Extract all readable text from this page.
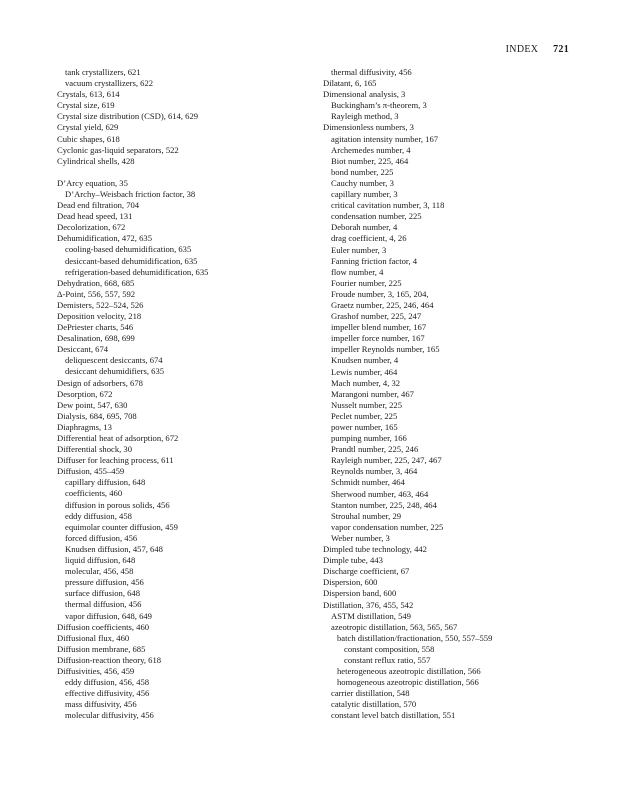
INDEX 721
tank crystallizers, 621
vacuum crystallizers, 622
Crystals, 613, 614
Crystal size, 619
Crystal size distribution (CSD), 614, 629
Crystal yield, 629
Cubic shapes, 618
Cyclonic gas-liquid separators, 522
Cylindrical shells, 428
D’Arcy equation, 35
D’Archy–Weisbach friction factor, 38
Dead end filtration, 704
Dead head speed, 131
Decolorization, 672
Dehumidification, 472, 635
cooling-based dehumidification, 635
desiccant-based dehumidification, 635
refrigeration-based dehumidification, 635
Dehydration, 668, 685
Δ-Point, 556, 557, 592
Demisters, 522–524, 526
Deposition velocity, 218
DePriester charts, 546
Desalination, 698, 699
Desiccant, 674
deliquescent desiccants, 674
desiccant dehumidifiers, 635
Design of adsorbers, 678
Desorption, 672
Dew point, 547, 630
Dialysis, 684, 695, 708
Diaphragms, 13
Differential heat of adsorption, 672
Differential shock, 30
Diffuser for leaching process, 611
Diffusion, 455–459
capillary diffusion, 648
coefficients, 460
diffusion in porous solids, 456
eddy diffusion, 458
equimolar counter diffusion, 459
forced diffusion, 456
Knudsen diffusion, 457, 648
liquid diffusion, 648
molecular, 456, 458
pressure diffusion, 456
surface diffusion, 648
thermal diffusion, 456
vapor diffusion, 648, 649
Diffusion coefficients, 460
Diffusional flux, 460
Diffusion membrane, 685
Diffusion-reaction theory, 618
Diffusivities, 456, 459
eddy diffusion, 456, 458
effective diffusivity, 456
mass diffusivity, 456
molecular diffusivity, 456
thermal diffusivity, 456
Dilatant, 6, 165
Dimensional analysis, 3
Buckingham’s π-theorem, 3
Rayleigh method, 3
Dimensionless numbers, 3
agitation intensity number, 167
Archemedes number, 4
Biot number, 225, 464
bond number, 225
Cauchy number, 3
capillary number, 3
critical cavitation number, 3, 118
condensation number, 225
Deborah number, 4
drag coefficient, 4, 26
Euler number, 3
Fanning friction factor, 4
flow number, 4
Fourier number, 225
Froude number, 3, 165, 204,
Graetz number, 225, 246, 464
Grashof number, 225, 247
impeller blend number, 167
impeller force number, 167
impeller Reynolds number, 165
Knudsen number, 4
Lewis number, 464
Mach number, 4, 32
Marangoni number, 467
Nusselt number, 225
Peclet number, 225
power number, 165
pumping number, 166
Prandtl number, 225, 246
Rayleigh number, 225, 247, 467
Reynolds number, 3, 464
Schmidt number, 464
Sherwood number, 463, 464
Stanton number, 225, 248, 464
Strouhal number, 29
vapor condensation number, 225
Weber number, 3
Dimpled tube technology, 442
Dimple tube, 443
Discharge coefficient, 67
Dispersion, 600
Dispersion band, 600
Distillation, 376, 455, 542
ASTM distillation, 549
azeotropic distillation, 563, 565, 567
batch distillation/fractionation, 550, 557–559
constant composition, 558
constant reflux ratio, 557
heterogeneous azeotropic distillation, 566
homogeneous azeotropic distillation, 566
carrier distillation, 548
catalytic distillation, 570
constant level batch distillation, 551
